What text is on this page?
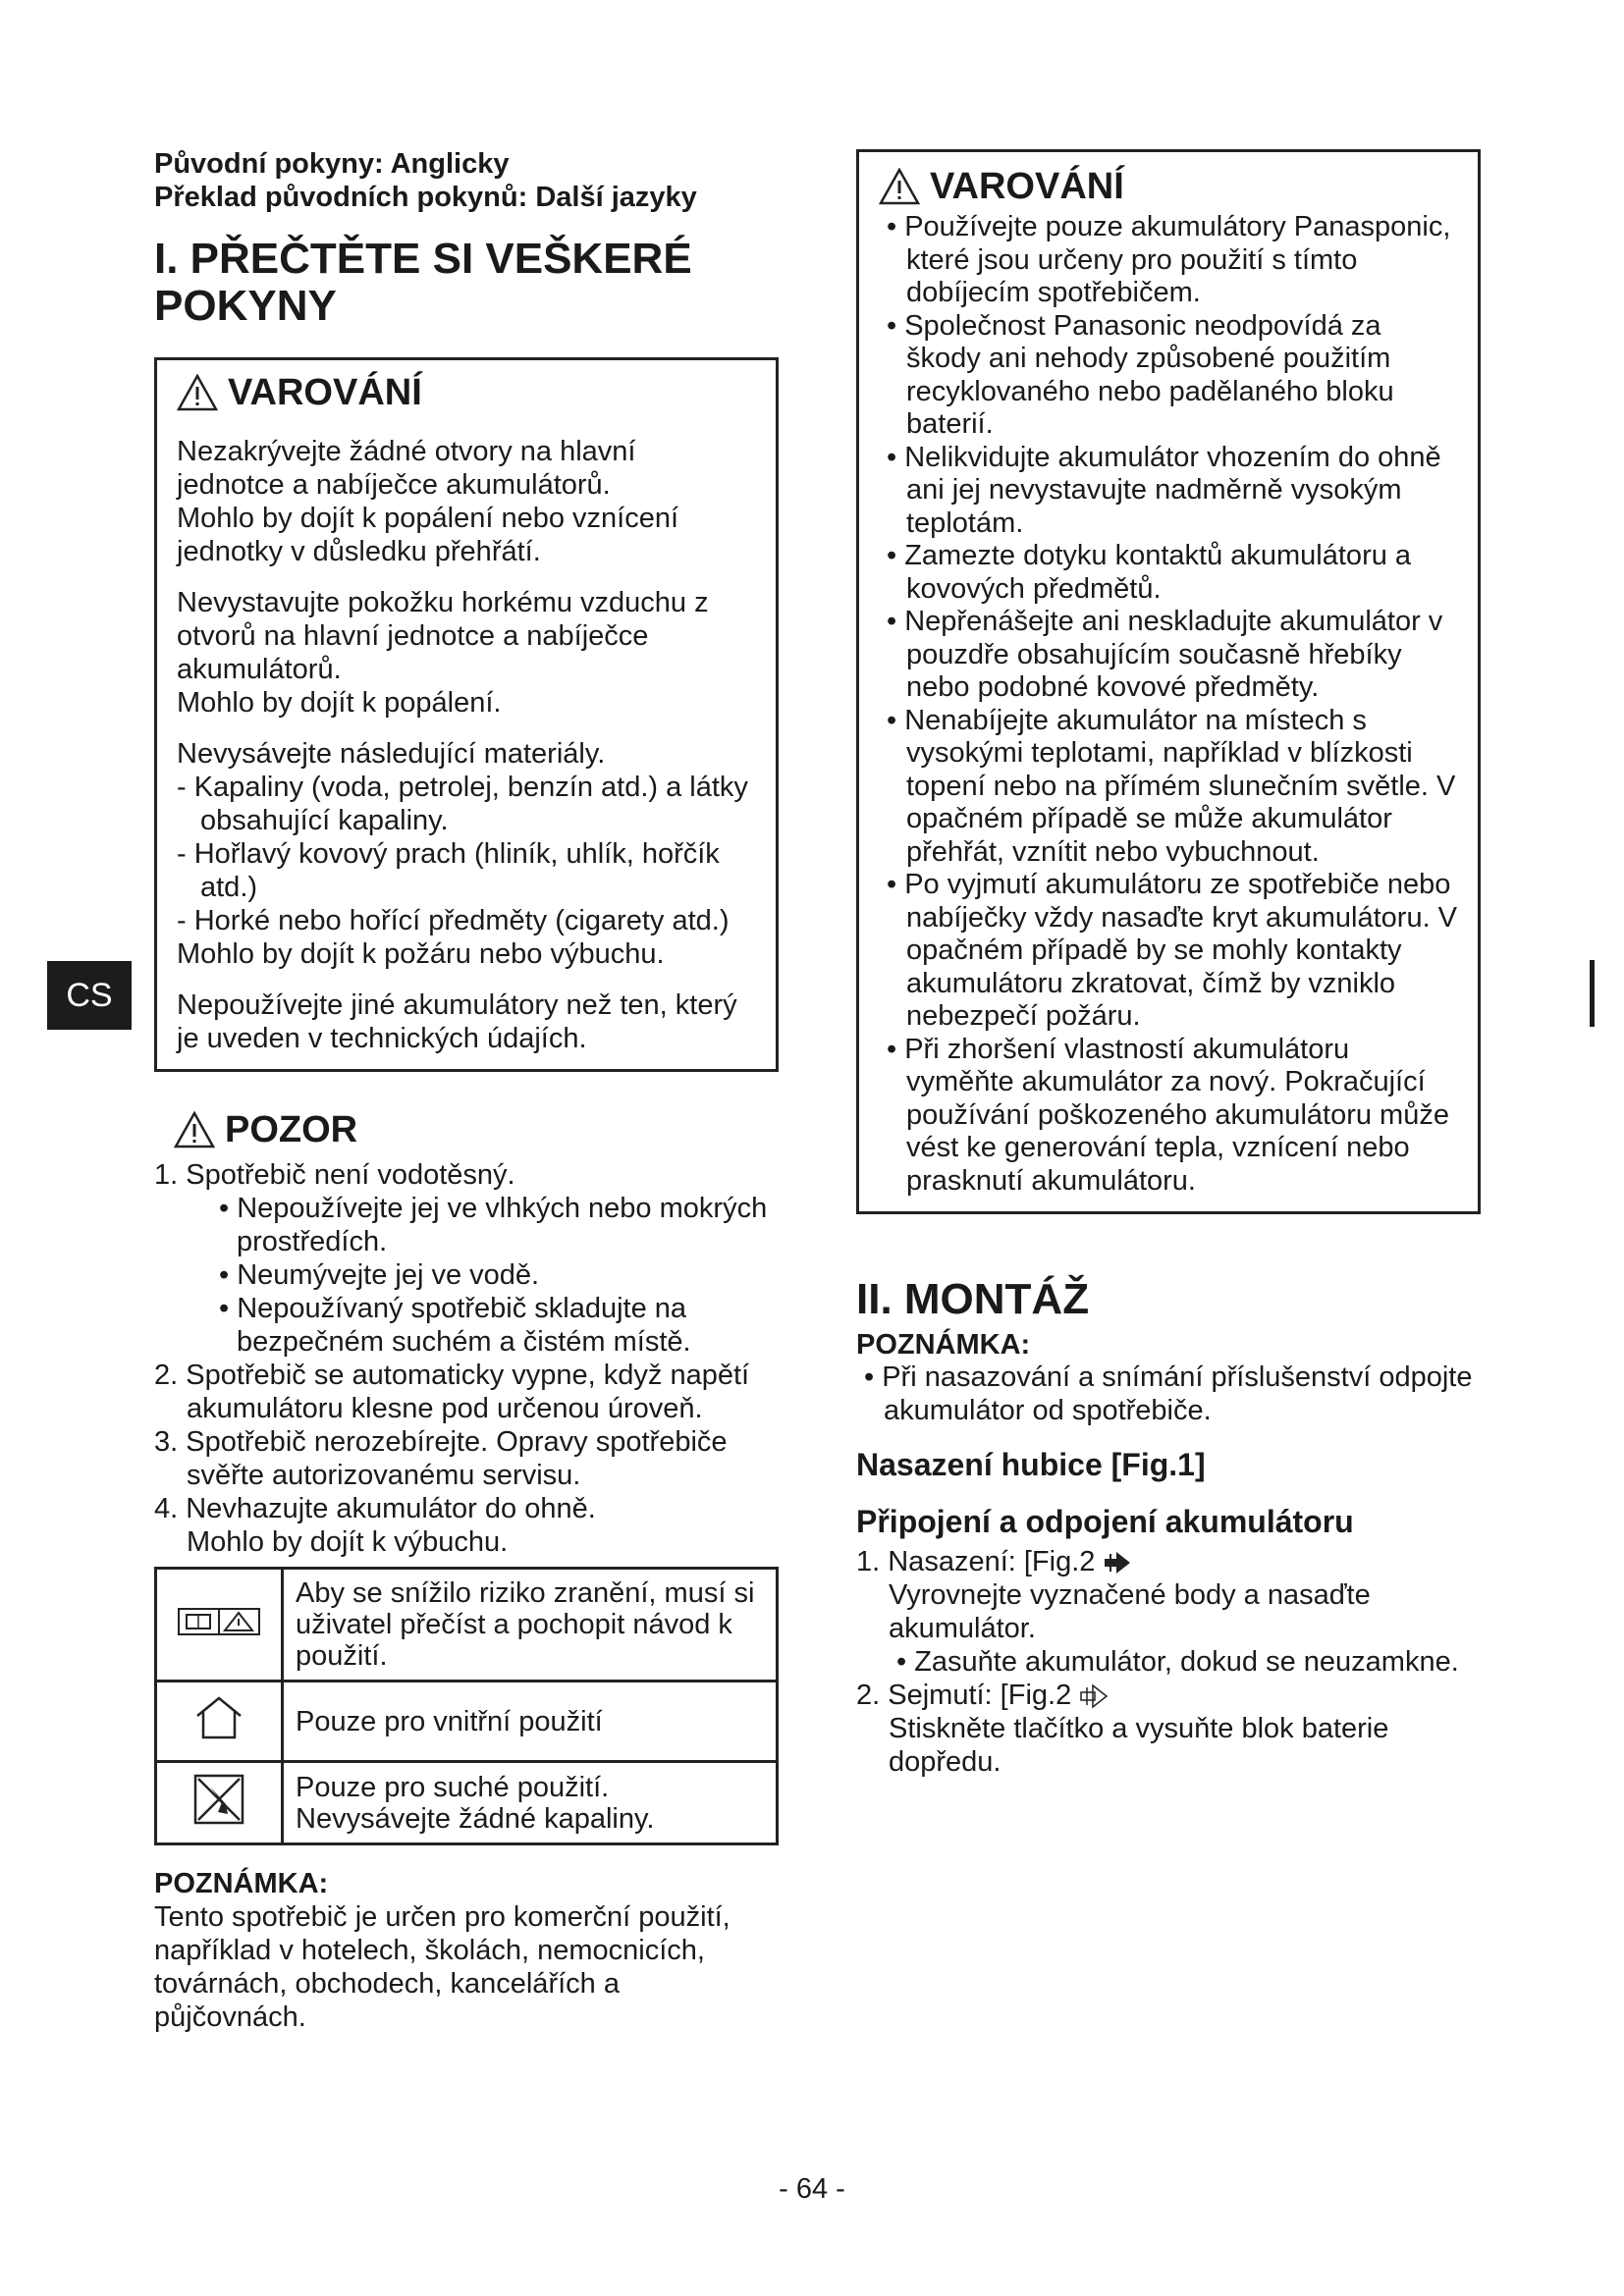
CS
Původní pokyny: Anglicky
Překlad původních pokynů: Další jazyky
I. PŘEČTĚTE SI VEŠKERÉ
POKYNY
VAROVÁNÍ
Nezakrývejte žádné otvory na hlavní
jednotce a nabíječce akumulátorů.
Mohlo by dojít k popálení nebo vznícení
jednotky v důsledku přehřátí.
Nevystavujte pokožku horkému vzduchu z
otvorů na hlavní jednotce a nabíječce
akumulátorů.
Mohlo by dojít k popálení.
Nevysávejte následující materiály.
- Kapaliny (voda, petrolej, benzín atd.) a látky obsahující kapaliny.
- Hořlavý kovový prach (hliník, uhlík, hořčík atd.)
- Horké nebo hořící předměty (cigarety atd.)
Mohlo by dojít k požáru nebo výbuchu.
Nepoužívejte jiné akumulátory než ten, který
je uveden v technických údajích.
POZOR
1. Spotřebič není vodotěsný.
• Nepoužívejte jej ve vlhkých nebo mokrých prostředích.
• Neumývejte jej ve vodě.
• Nepoužívaný spotřebič skladujte na bezpečném suchém a čistém místě.
2. Spotřebič se automaticky vypne, když napětí akumulátoru klesne pod určenou úroveň.
3. Spotřebič nerozebírejte. Opravy spotřebiče svěřte autorizovanému servisu.
4. Nevhazujte akumulátor do ohně.
Mohlo by dojít k výbuchu.
	Aby se snížilo riziko zranění, musí si uživatel přečíst a pochopit návod k použití.
	Pouze pro vnitřní použití

Pouze pro suché použití.
Nevysávejte žádné kapaliny.
POZNÁMKA:
Tento spotřebič je určen pro komerční použití,
například v hotelech, školách, nemocnicích,
továrnách, obchodech, kancelářích a
půjčovnách.
VAROVÁNÍ
• Používejte pouze akumulátory Panasponic, které jsou určeny pro použití s tímto dobíjecím spotřebičem.
• Společnost Panasonic neodpovídá za škody ani nehody způsobené použitím recyklovaného nebo padělaného bloku baterií.
• Nelikvidujte akumulátor vhozením do ohně ani jej nevystavujte nadměrně vysokým teplotám.
• Zamezte dotyku kontaktů akumulátoru a kovových předmětů.
• Nepřenášejte ani neskladujte akumulátor v pouzdře obsahujícím současně hřebíky nebo podobné kovové předměty.
• Nenabíjejte akumulátor na místech s vysokými teplotami, například v blízkosti topení nebo na přímém slunečním světle. V opačném případě se může akumulátor přehřát, vznítit nebo vybuchnout.
• Po vyjmutí akumulátoru ze spotřebiče nebo nabíječky vždy nasaďte kryt akumulátoru. V opačném případě by se mohly kontakty akumulátoru zkratovat, čímž by vzniklo nebezpečí požáru.
• Při zhoršení vlastností akumulátoru vyměňte akumulátor za nový. Pokračující používání poškozeného akumulátoru může vést ke generování tepla, vznícení nebo prasknutí akumulátoru.
II. MONTÁŽ
POZNÁMKA:
• Při nasazování a snímání příslušenství odpojte akumulátor od spotřebiče.
Nasazení hubice [Fig.1]
Připojení a odpojení akumulátoru
1. Nasazení: [Fig.2
Vyrovnejte vyznačené body a nasaďte akumulátor.
• Zasuňte akumulátor, dokud se neuzamkne.
2. Sejmutí: [Fig.2
Stiskněte tlačítko a vysuňte blok baterie dopředu.
- 64 -
